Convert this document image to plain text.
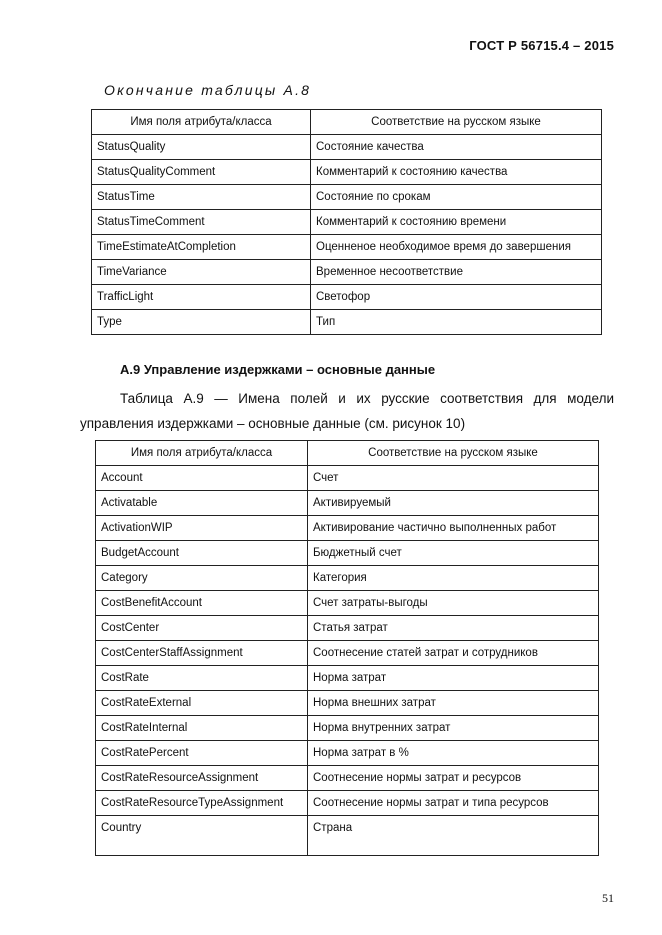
ГОСТ Р 56715.4 – 2015
Окончание таблицы А.8
Имя поля атрибута/класса	Соответствие на русском языке
StatusQuality	Состояние качества
StatusQualityComment	Комментарий к состоянию качества
StatusTime	Состояние по срокам
StatusTimeComment	Комментарий к состоянию времени
TimeEstimateAtCompletion	Оценненое необходимое время до завершения
TimeVariance	Временное несоответствие
TrafficLight	Светофор
Type	Тип
А.9 Управление издержками – основные данные
Таблица А.9 — Имена полей и их русские соответствия для модели управления издержками – основные данные (см. рисунок 10)
Имя поля атрибута/класса	Соответствие на русском языке
Account	Счет
Activatable	Активируемый
ActivationWIP	Активирование частично выполненных работ
BudgetAccount	Бюджетный счет
Category	Категория
CostBenefitAccount	Счет затраты-выгоды
CostCenter	Статья затрат
CostCenterStaffAssignment	Соотнесение статей затрат и сотрудников
CostRate	Норма затрат
CostRateExternal	Норма внешних затрат
CostRateInternal	Норма внутренних затрат
CostRatePercent	Норма затрат в %
CostRateResourceAssignment	Соотнесение нормы затрат и ресурсов
CostRateResourceTypeAssignment	Соотнесение нормы затрат и типа ресурсов
Country	Страна
51
